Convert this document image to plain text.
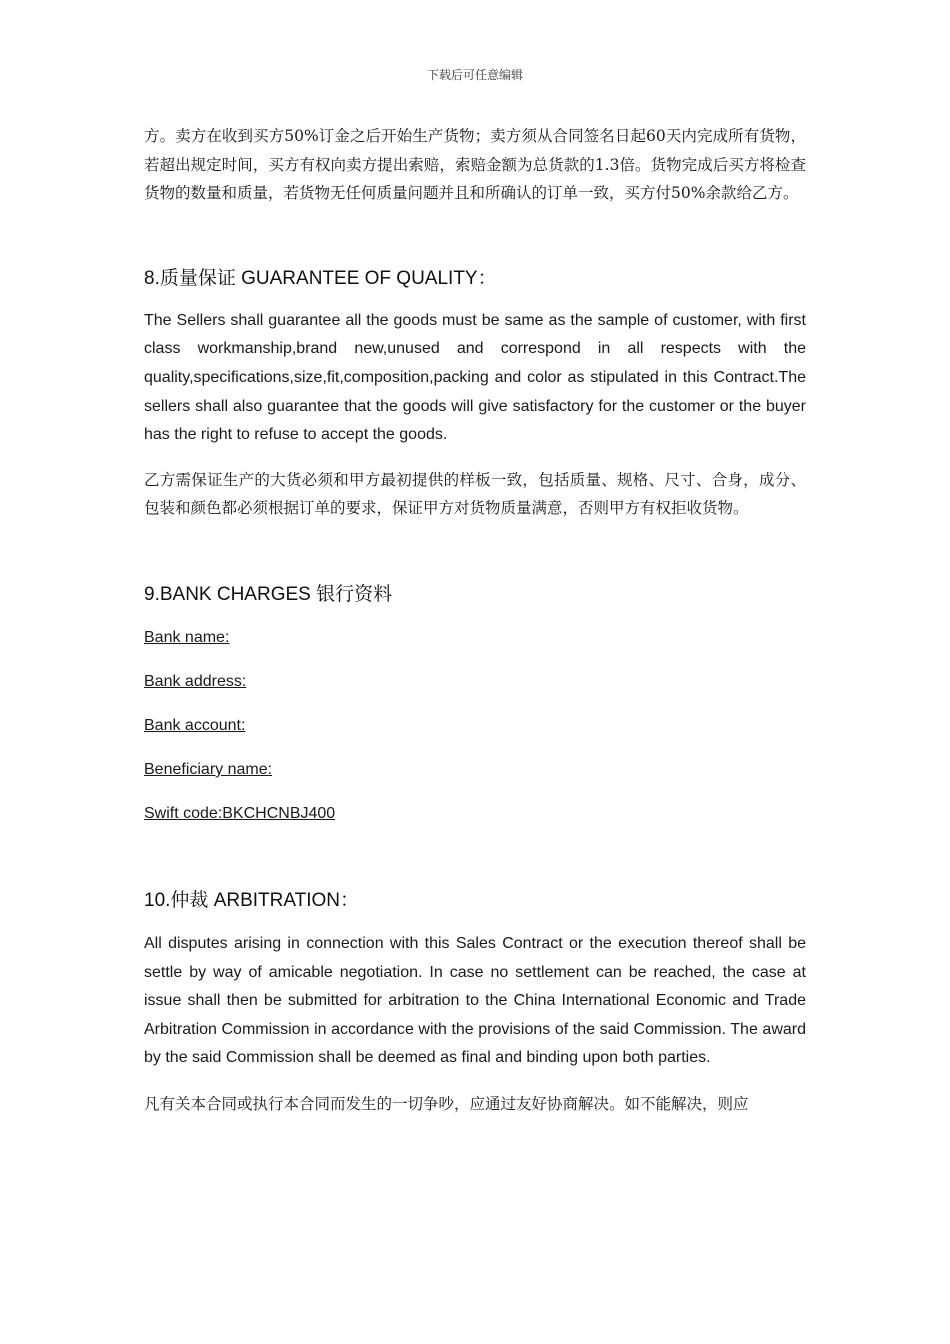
下载后可任意编辑

方。卖方在收到买方50%订金之后开始生产货物；卖方须从合同签名日起60天内完成所有货物，若超出规定时间，买方有权向卖方提出索赔，索赔金额为总货款的1.3倍。货物完成后买方将检查货物的数量和质量，若货物无任何质量问题并且和所确认的订单一致，买方付50%余款给乙方。

8.质量保证 GUARANTEE OF QUALITY：

The Sellers shall guarantee all the goods must be same as the sample of customer, with first class workmanship,brand new,unused and correspond in all respects with the quality,specifications,size,fit,composition,packing and color as stipulated in this Contract.The sellers shall also guarantee that the goods will give satisfactory for the customer or the buyer has the right to refuse to accept the goods.

乙方需保证生产的大货必须和甲方最初提供的样板一致，包括质量、规格、尺寸、合身，成分、包装和颜色都必须根据订单的要求，保证甲方对货物质量满意，否则甲方有权拒收货物。

9.BANK CHARGES 银行资料
Bank name:
Bank address:
Bank account:
Beneficiary name:
Swift code:BKCHCNBJ400
10.仲裁 ARBITRATION：

All disputes arising in connection with this Sales Contract or the execution thereof shall be settle by way of amicable negotiation. In case no settlement can be reached, the case at issue shall then be submitted for arbitration to the China International Economic and Trade Arbitration Commission in accordance with the provisions of the said Commission. The award by the said Commission shall be deemed as final and binding upon both parties.

凡有关本合同或执行本合同而发生的一切争吵，应通过友好协商解决。如不能解决，则应
